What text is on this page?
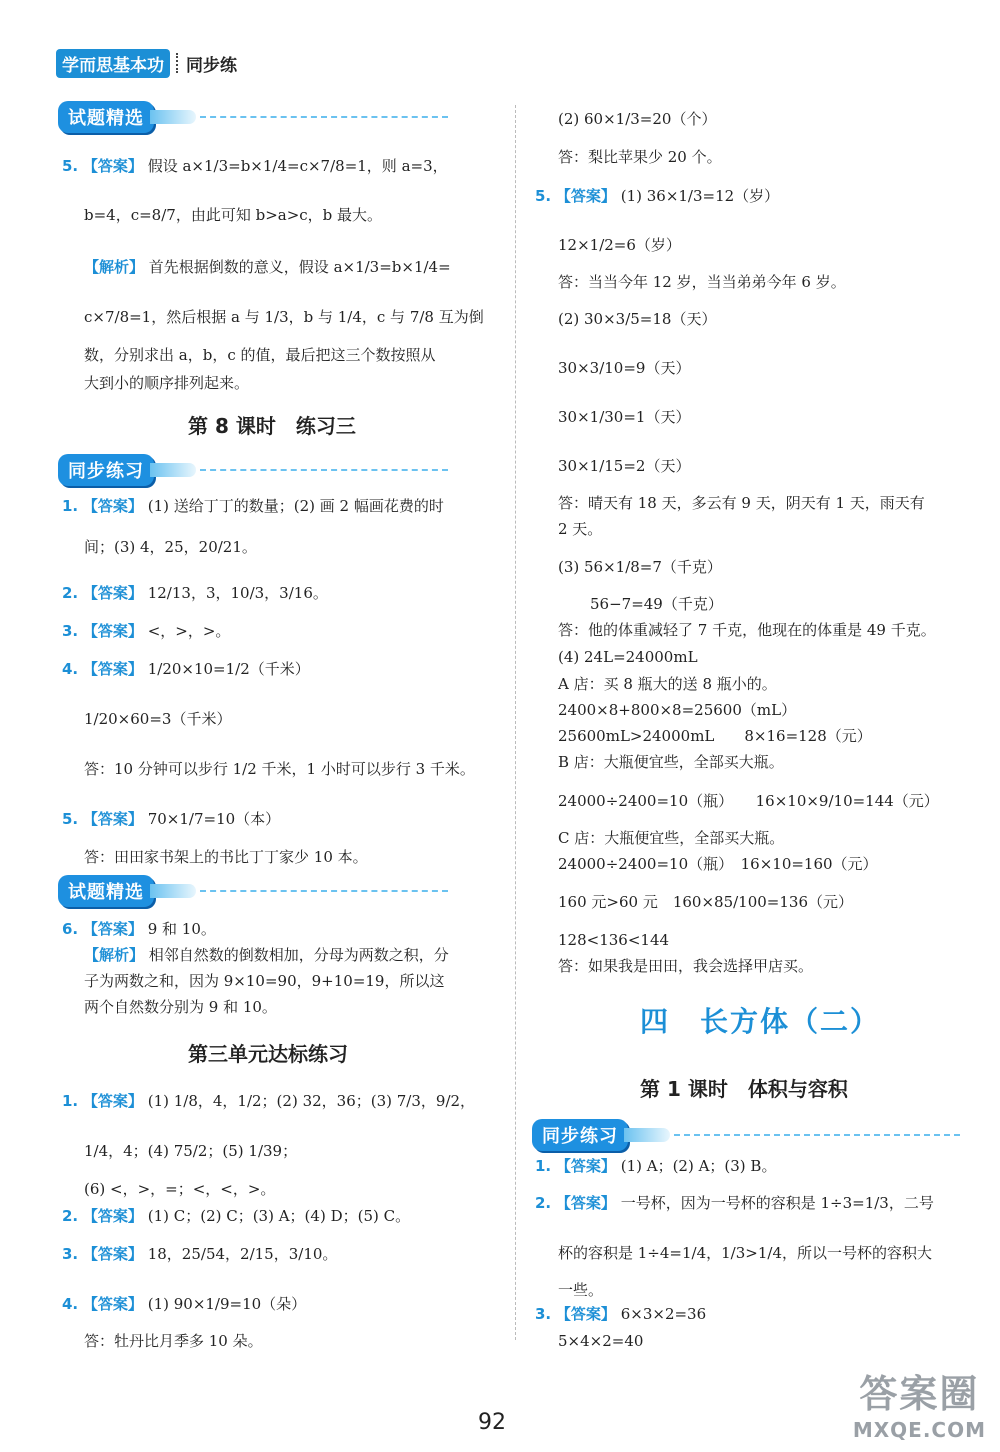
学而思基本功	同步练
试题精选
5. 【答案】 假设 a×1/3=b×1/4=c×7/8=1，则 a=3，
b=4，c=8/7，由此可知 b>a>c，b 最大。
【解析】 首先根据倒数的意义，假设 a×1/3=b×1/4=
c×7/8=1，然后根据 a 与 1/3，b 与 1/4，c 与 7/8 互为倒
数，分别求出 a，b，c 的值，最后把这三个数按照从
大到小的顺序排列起来。
第 8 课时　练习三
同步练习
1. 【答案】 (1) 送给丁丁的数量；(2) 画 2 幅画花费的时
间；(3) 4，25，20/21。
2. 【答案】 12/13，3，10/3，3/16。
3. 【答案】 <，>，>。
4. 【答案】 1/20×10=1/2（千米）
1/20×60=3（千米）
答：10 分钟可以步行 1/2 千米，1 小时可以步行 3 千米。
5. 【答案】 70×1/7=10（本）
答：田田家书架上的书比丁丁家少 10 本。
试题精选
6. 【答案】 9 和 10。
【解析】 相邻自然数的倒数相加，分母为两数之积，分
子为两数之和，因为 9×10=90，9+10=19，所以这
两个自然数分别为 9 和 10。
第三单元达标练习
1. 【答案】 (1) 1/8，4，1/2；(2) 32，36；(3) 7/3，9/2，
1/4，4；(4) 75/2；(5) 1/39；
(6) <，>，=；<，<，>。
2. 【答案】 (1) C；(2) C；(3) A；(4) D；(5) C。
3. 【答案】 18，25/54，2/15，3/10。
4. 【答案】 (1) 90×1/9=10（朵）
答：牡丹比月季多 10 朵。
(2) 60×1/3=20（个）
答：梨比苹果少 20 个。
5. 【答案】 (1) 36×1/3=12（岁）
12×1/2=6（岁）
答：当当今年 12 岁，当当弟弟今年 6 岁。
(2) 30×3/5=18（天）
30×3/10=9（天）
30×1/30=1（天）
30×1/15=2（天）
答：晴天有 18 天，多云有 9 天，阴天有 1 天，雨天有
2 天。
(3) 56×1/8=7（千克）
56−7=49（千克）
答：他的体重减轻了 7 千克，他现在的体重是 49 千克。
(4) 24L=24000mL
A 店：买 8 瓶大的送 8 瓶小的。
2400×8+800×8=25600（mL）
25600mL>24000mL　　8×16=128（元）
B 店：大瓶便宜些，全部买大瓶。
24000÷2400=10（瓶）　　16×10×9/10=144（元）
C 店：大瓶便宜些，全部买大瓶。
24000÷2400=10（瓶）　16×10=160（元）
160 元>60 元　160×85/100=136（元）
128<136<144
答：如果我是田田，我会选择甲店买。
四　长方体（二）
第 1 课时　体积与容积
同步练习
1. 【答案】 (1) A；(2) A；(3) B。
2. 【答案】 一号杯，因为一号杯的容积是 1÷3=1/3，二号
杯的容积是 1÷4=1/4，1/3>1/4，所以一号杯的容积大
一些。
3. 【答案】 6×3×2=36
5×4×2=40
92
答案圈
MXQE.COM
